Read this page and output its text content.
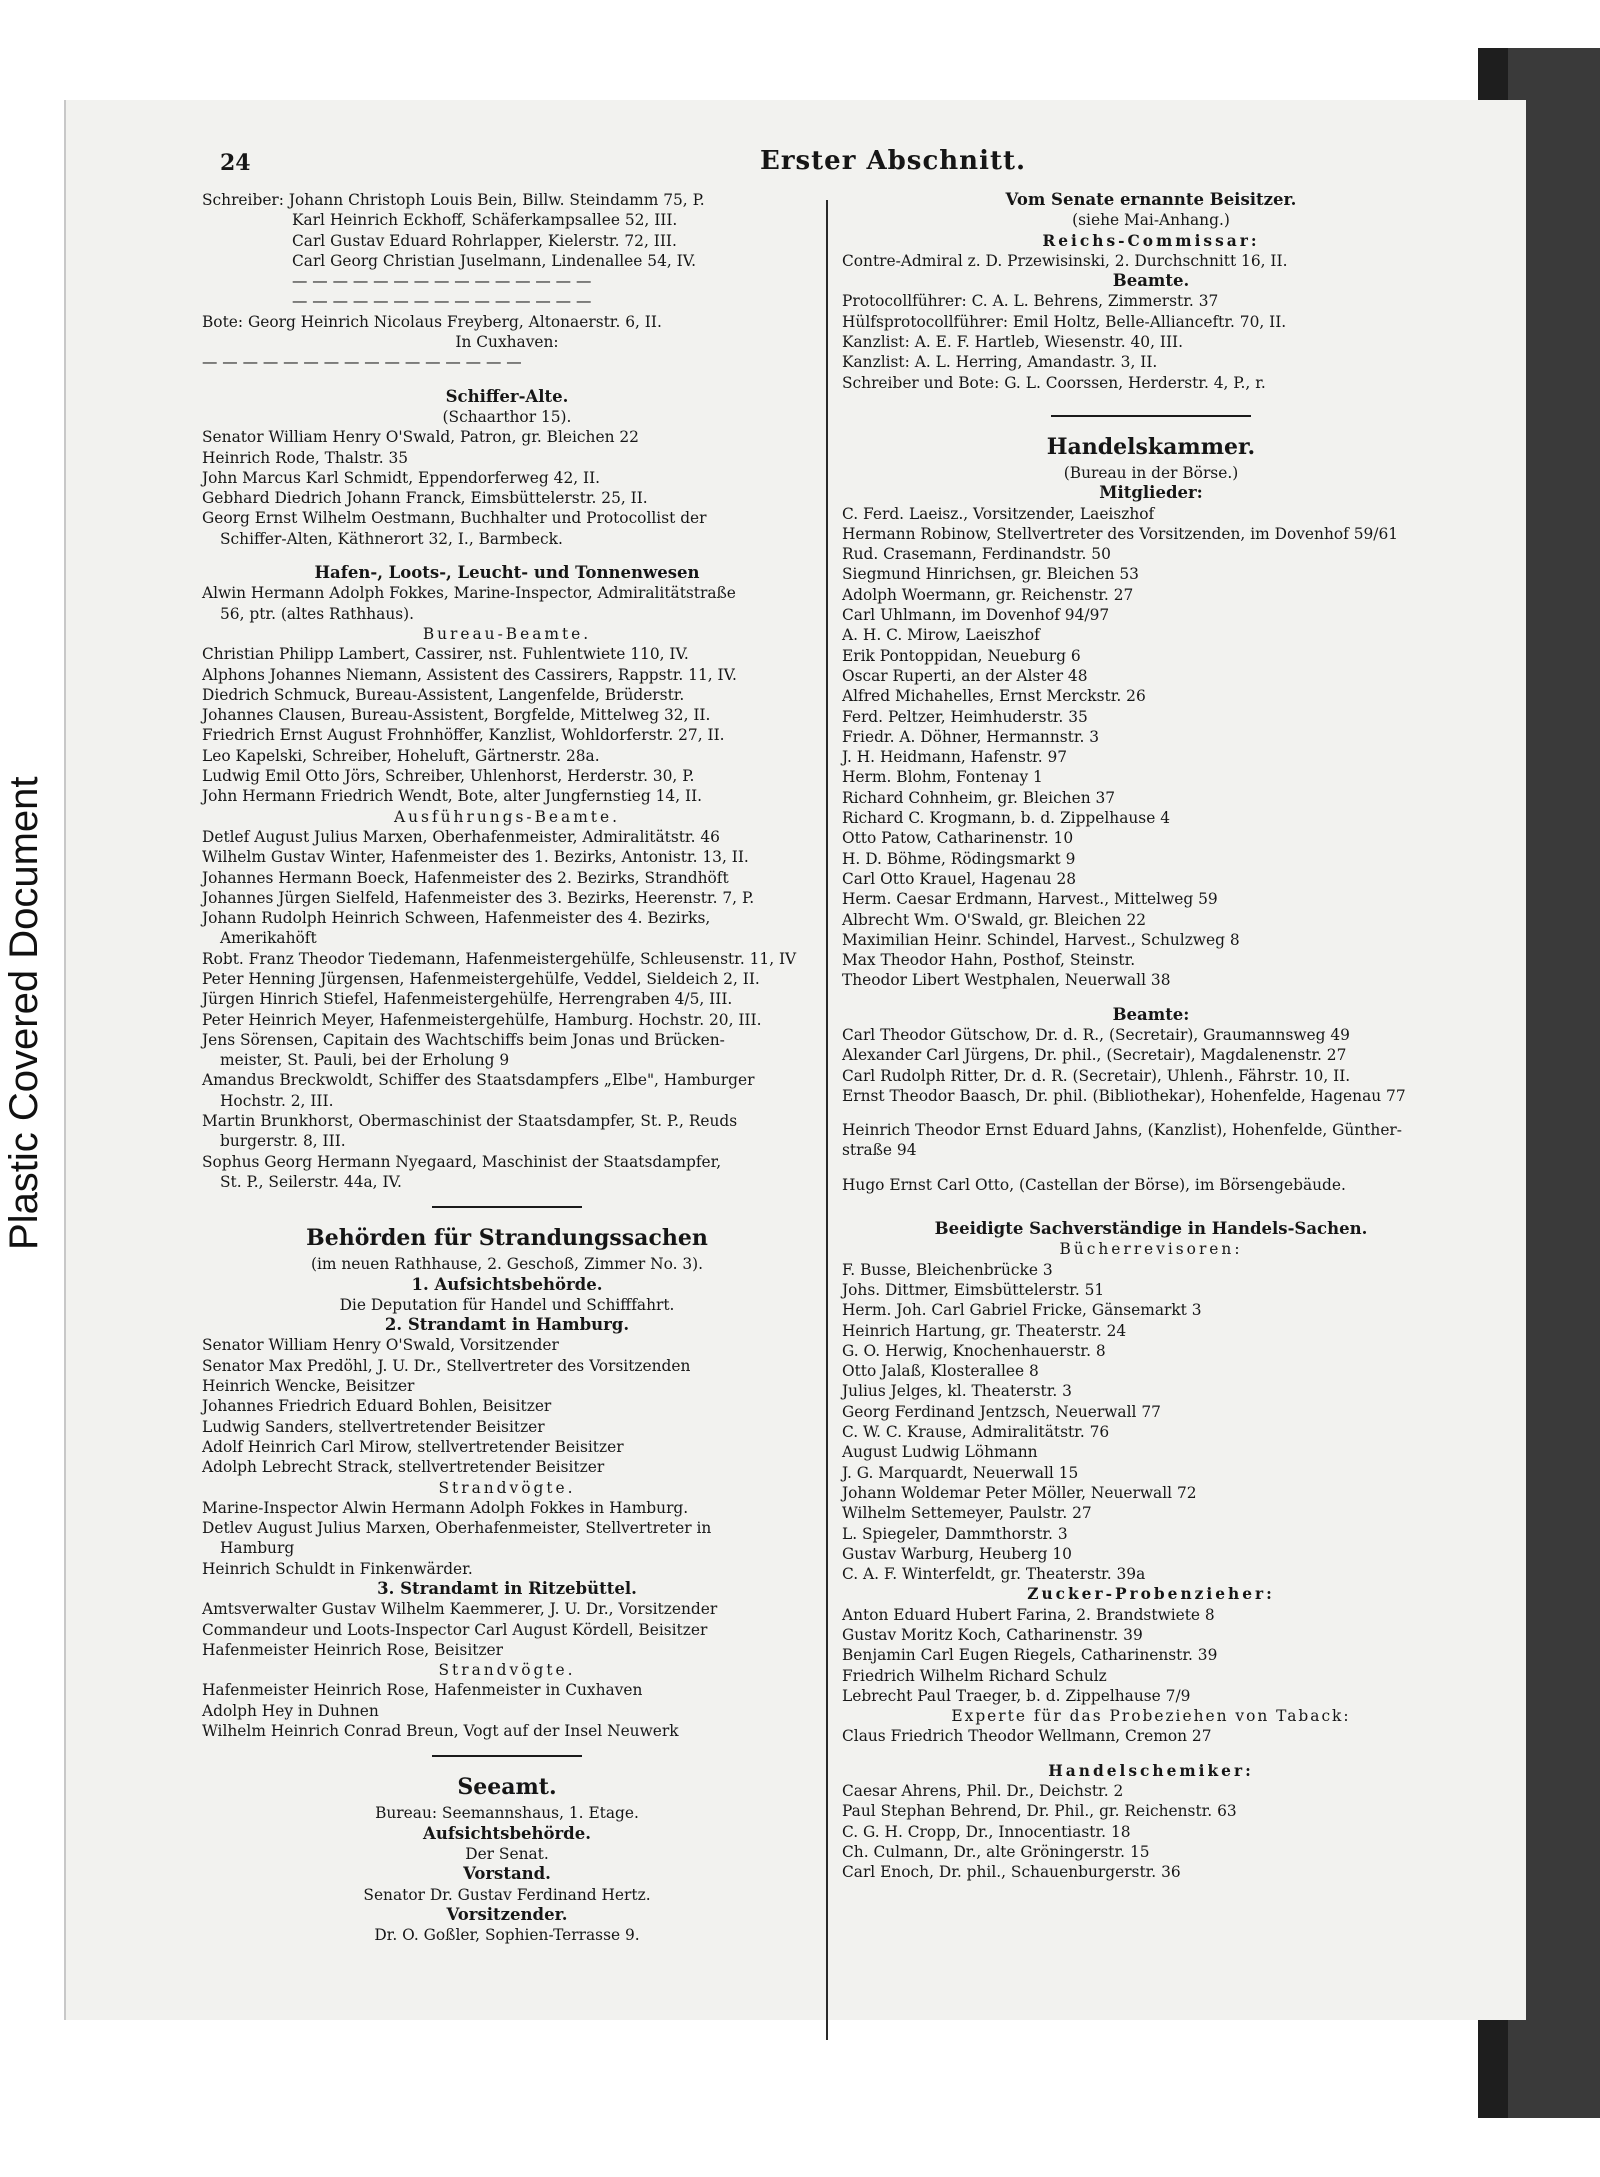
Plastic Covered Document
24	Erster Abschnitt.
Schreiber: Johann Christoph Louis Bein, Billw. Steindamm 75, P.
Karl Heinrich Eckhoff, Schäferkampsallee 52, III.
Carl Gustav Eduard Rohrlapper, Kielerstr. 72, III.
Carl Georg Christian Juselmann, Lindenallee 54, IV.
— — — — — — — — — — — — — — —
— — — — — — — — — — — — — — —
Bote: Georg Heinrich Nicolaus Freyberg, Altonaerstr. 6, II.
In Cuxhaven:
— — — — — — — — — — — — — — — —
Schiffer-Alte.
(Schaarthor 15).
Senator William Henry O'Swald, Patron, gr. Bleichen 22
Heinrich Rode, Thalstr. 35
John Marcus Karl Schmidt, Eppendorferweg 42, II.
Gebhard Diedrich Johann Franck, Eimsbüttelerstr. 25, II.
Georg Ernst Wilhelm Oestmann, Buchhalter und Protocollist der
Schiffer-Alten, Käthnerort 32, I., Barmbeck.
Hafen-, Loots-, Leucht- und Tonnenwesen
Alwin Hermann Adolph Fokkes, Marine-Inspector, Admiralitätstraße
56, ptr. (altes Rathhaus).
Bureau-Beamte.
Christian Philipp Lambert, Cassirer, nst. Fuhlentwiete 110, IV.
Alphons Johannes Niemann, Assistent des Cassirers, Rappstr. 11, IV.
Diedrich Schmuck, Bureau-Assistent, Langenfelde, Brüderstr.
Johannes Clausen, Bureau-Assistent, Borgfelde, Mittelweg 32, II.
Friedrich Ernst August Frohnhöffer, Kanzlist, Wohldorferstr. 27, II.
Leo Kapelski, Schreiber, Hoheluft, Gärtnerstr. 28a.
Ludwig Emil Otto Jörs, Schreiber, Uhlenhorst, Herderstr. 30, P.
John Hermann Friedrich Wendt, Bote, alter Jungfernstieg 14, II.
Ausführungs-Beamte.
Detlef August Julius Marxen, Oberhafenmeister, Admiralitätstr. 46
Wilhelm Gustav Winter, Hafenmeister des 1. Bezirks, Antonistr. 13, II.
Johannes Hermann Boeck, Hafenmeister des 2. Bezirks, Strandhöft
Johannes Jürgen Sielfeld, Hafenmeister des 3. Bezirks, Heerenstr. 7, P.
Johann Rudolph Heinrich Schween, Hafenmeister des 4. Bezirks,
Amerikahöft
Robt. Franz Theodor Tiedemann, Hafenmeistergehülfe, Schleusenstr. 11, IV
Peter Henning Jürgensen, Hafenmeistergehülfe, Veddel, Sieldeich 2, II.
Jürgen Hinrich Stiefel, Hafenmeistergehülfe, Herrengraben 4/5, III.
Peter Heinrich Meyer, Hafenmeistergehülfe, Hamburg. Hochstr. 20, III.
Jens Sörensen, Capitain des Wachtschiffs beim Jonas und Brücken-
meister, St. Pauli, bei der Erholung 9
Amandus Breckwoldt, Schiffer des Staatsdampfers „Elbe", Hamburger
Hochstr. 2, III.
Martin Brunkhorst, Obermaschinist der Staatsdampfer, St. P., Reuds
burgerstr. 8, III.
Sophus Georg Hermann Nyegaard, Maschinist der Staatsdampfer,
St. P., Seilerstr. 44a, IV.
Behörden für Strandungssachen
(im neuen Rathhause, 2. Geschoß, Zimmer No. 3).
1. Aufsichtsbehörde.
Die Deputation für Handel und Schifffahrt.
2. Strandamt in Hamburg.
Senator William Henry O'Swald, Vorsitzender
Senator Max Predöhl, J. U. Dr., Stellvertreter des Vorsitzenden
Heinrich Wencke, Beisitzer
Johannes Friedrich Eduard Bohlen, Beisitzer
Ludwig Sanders, stellvertretender Beisitzer
Adolf Heinrich Carl Mirow, stellvertretender Beisitzer
Adolph Lebrecht Strack, stellvertretender Beisitzer
Strandvögte.
Marine-Inspector Alwin Hermann Adolph Fokkes in Hamburg.
Detlev August Julius Marxen, Oberhafenmeister, Stellvertreter in
Hamburg
Heinrich Schuldt in Finkenwärder.
3. Strandamt in Ritzebüttel.
Amtsverwalter Gustav Wilhelm Kaemmerer, J. U. Dr., Vorsitzender
Commandeur und Loots-Inspector Carl August Kördell, Beisitzer
Hafenmeister Heinrich Rose, Beisitzer
Strandvögte.
Hafenmeister Heinrich Rose, Hafenmeister in Cuxhaven
Adolph Hey in Duhnen
Wilhelm Heinrich Conrad Breun, Vogt auf der Insel Neuwerk
Seeamt.
Bureau: Seemannshaus, 1. Etage.
Aufsichtsbehörde.
Der Senat.
Vorstand.
Senator Dr. Gustav Ferdinand Hertz.
Vorsitzender.
Dr. O. Goßler, Sophien-Terrasse 9.
Vom Senate ernannte Beisitzer.
(siehe Mai-Anhang.)
Reichs-Commissar:
Contre-Admiral z. D. Przewisinski, 2. Durchschnitt 16, II.
Beamte.
Protocollführer: C. A. L. Behrens, Zimmerstr. 37
Hülfsprotocollführer: Emil Holtz, Belle-Allianceftr. 70, II.
Kanzlist: A. E. F. Hartleb, Wiesenstr. 40, III.
Kanzlist: A. L. Herring, Amandastr. 3, II.
Schreiber und Bote: G. L. Coorssen, Herderstr. 4, P., r.
Handelskammer.
(Bureau in der Börse.)
Mitglieder:
C. Ferd. Laeisz., Vorsitzender, Laeiszhof
Hermann Robinow, Stellvertreter des Vorsitzenden, im Dovenhof 59/61
Rud. Crasemann, Ferdinandstr. 50
Siegmund Hinrichsen, gr. Bleichen 53
Adolph Woermann, gr. Reichenstr. 27
Carl Uhlmann, im Dovenhof 94/97
A. H. C. Mirow, Laeiszhof
Erik Pontoppidan, Neueburg 6
Oscar Ruperti, an der Alster 48
Alfred Michahelles, Ernst Merckstr. 26
Ferd. Peltzer, Heimhuderstr. 35
Friedr. A. Döhner, Hermannstr. 3
J. H. Heidmann, Hafenstr. 97
Herm. Blohm, Fontenay 1
Richard Cohnheim, gr. Bleichen 37
Richard C. Krogmann, b. d. Zippelhause 4
Otto Patow, Catharinenstr. 10
H. D. Böhme, Rödingsmarkt 9
Carl Otto Krauel, Hagenau 28
Herm. Caesar Erdmann, Harvest., Mittelweg 59
Albrecht Wm. O'Swald, gr. Bleichen 22
Maximilian Heinr. Schindel, Harvest., Schulzweg 8
Max Theodor Hahn, Posthof, Steinstr.
Theodor Libert Westphalen, Neuerwall 38
Beamte:
Carl Theodor Gütschow, Dr. d. R., (Secretair), Graumannsweg 49
Alexander Carl Jürgens, Dr. phil., (Secretair), Magdalenenstr. 27
Carl Rudolph Ritter, Dr. d. R. (Secretair), Uhlenh., Fährstr. 10, II.
Ernst Theodor Baasch, Dr. phil. (Bibliothekar), Hohenfelde, Hagenau 77
Heinrich Theodor Ernst Eduard Jahns, (Kanzlist), Hohenfelde, Günther-
straße 94
Hugo Ernst Carl Otto, (Castellan der Börse), im Börsengebäude.
Beeidigte Sachverständige in Handels-Sachen.
Bücherrevisoren:
F. Busse, Bleichenbrücke 3
Johs. Dittmer, Eimsbüttelerstr. 51
Herm. Joh. Carl Gabriel Fricke, Gänsemarkt 3
Heinrich Hartung, gr. Theaterstr. 24
G. O. Herwig, Knochenhauerstr. 8
Otto Jalaß, Klosterallee 8
Julius Jelges, kl. Theaterstr. 3
Georg Ferdinand Jentzsch, Neuerwall 77
C. W. C. Krause, Admiralitätstr. 76
August Ludwig Löhmann
J. G. Marquardt, Neuerwall 15
Johann Woldemar Peter Möller, Neuerwall 72
Wilhelm Settemeyer, Paulstr. 27
L. Spiegeler, Dammthorstr. 3
Gustav Warburg, Heuberg 10
C. A. F. Winterfeldt, gr. Theaterstr. 39a
Zucker-Probenzieher:
Anton Eduard Hubert Farina, 2. Brandstwiete 8
Gustav Moritz Koch, Catharinenstr. 39
Benjamin Carl Eugen Riegels, Catharinenstr. 39
Friedrich Wilhelm Richard Schulz
Lebrecht Paul Traeger, b. d. Zippelhause 7/9
Experte für das Probeziehen von Taback:
Claus Friedrich Theodor Wellmann, Cremon 27
Handelschemiker:
Caesar Ahrens, Phil. Dr., Deichstr. 2
Paul Stephan Behrend, Dr. Phil., gr. Reichenstr. 63
C. G. H. Cropp, Dr., Innocentiastr. 18
Ch. Culmann, Dr., alte Gröningerstr. 15
Carl Enoch, Dr. phil., Schauenburgerstr. 36
